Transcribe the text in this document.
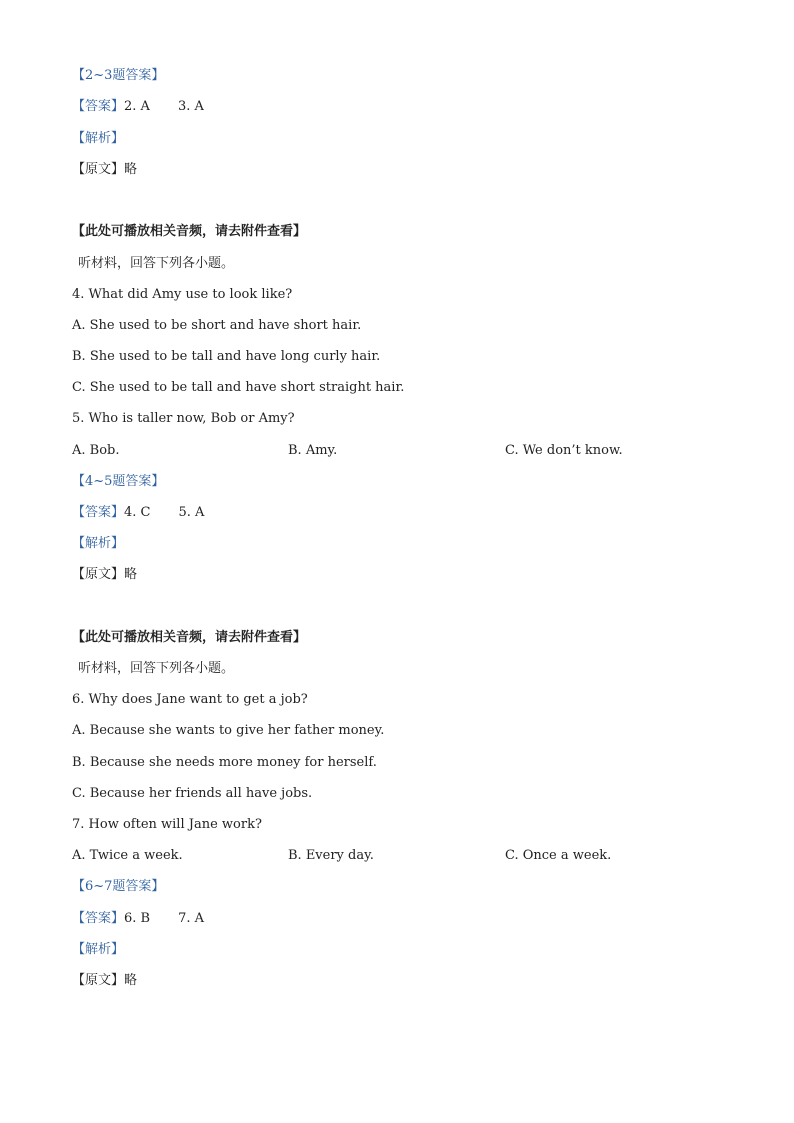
【2~3题答案】
【答案】2. A 3. A
【解析】
【原文】略
【此处可播放相关音频，请去附件查看】
听材料，回答下列各小题。
4. What did Amy use to look like?
A. She used to be short and have short hair.
B. She used to be tall and have long curly hair.
C. She used to be tall and have short straight hair.
5. Who is taller now, Bob or Amy?
A. Bob.	B. Amy.	C. We don’t know.
【4~5题答案】
【答案】4. C 5. A
【解析】
【原文】略
【此处可播放相关音频，请去附件查看】
听材料，回答下列各小题。
6. Why does Jane want to get a job?
A. Because she wants to give her father money.
B. Because she needs more money for herself.
C. Because her friends all have jobs.
7. How often will Jane work?
A. Twice a week.	B. Every day.	C. Once a week.
【6~7题答案】
【答案】6. B 7. A
【解析】
【原文】略
